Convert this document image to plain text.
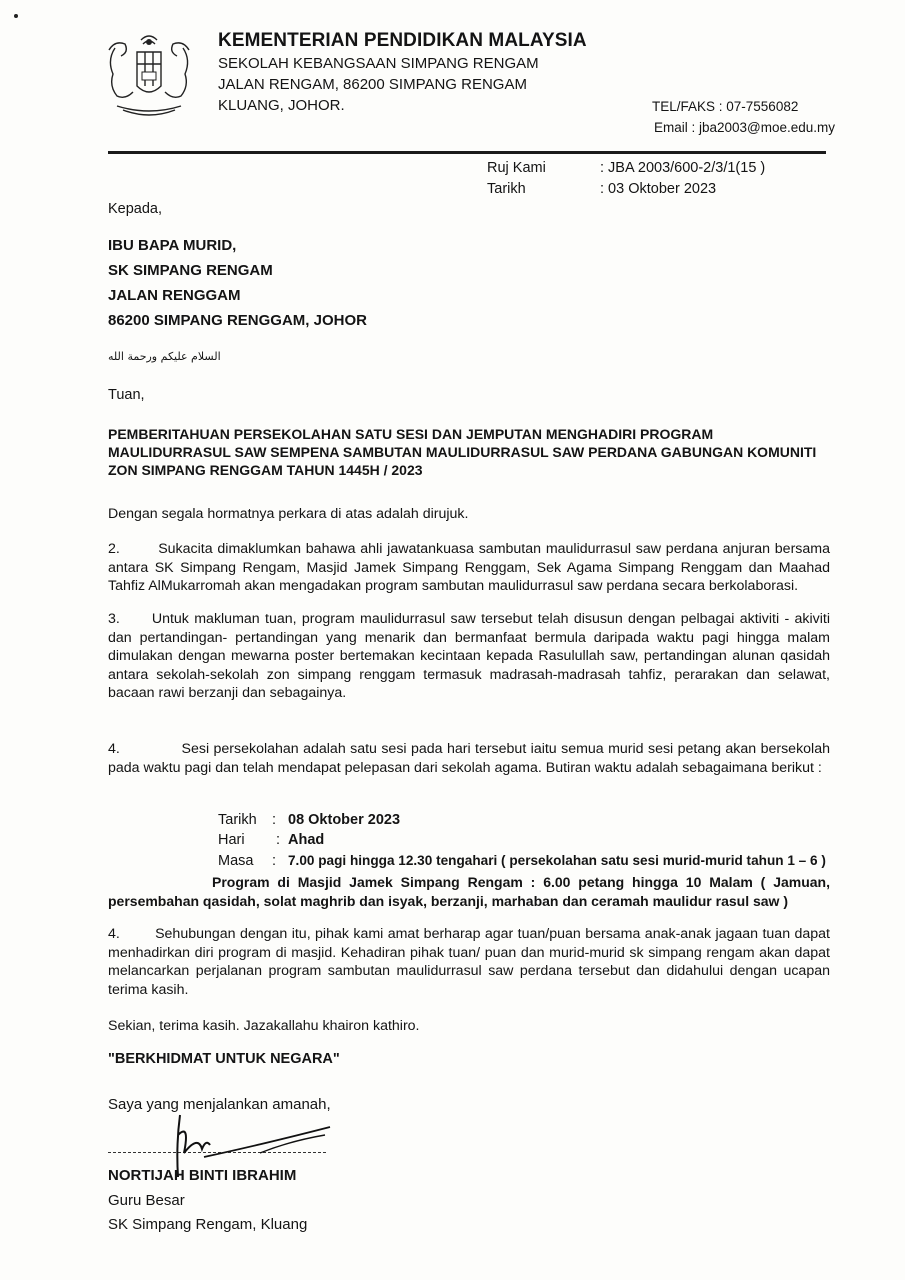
KEMENTERIAN PENDIDIKAN MALAYSIA
SEKOLAH KEBANGSAAN SIMPANG RENGAM
JALAN RENGAM, 86200 SIMPANG RENGAM
KLUANG, JOHOR.	TEL/FAKS : 07-7556082
Email : jba2003@moe.edu.my
Ruj Kami	: JBA 2003/600-2/3/1(15 )
Tarikh	: 03 Oktober 2023
Kepada,
IBU BAPA MURID,
SK SIMPANG RENGAM
JALAN RENGGAM
86200 SIMPANG RENGGAM, JOHOR
السلام عليكم ورحمة الله
Tuan,
PEMBERITAHUAN PERSEKOLAHAN SATU SESI DAN JEMPUTAN MENGHADIRI PROGRAM MAULIDURRASUL SAW SEMPENA SAMBUTAN MAULIDURRASUL SAW PERDANA GABUNGAN KOMUNITI ZON SIMPANG RENGGAM TAHUN 1445H / 2023
Dengan segala hormatnya perkara di atas adalah dirujuk.
2.        Sukacita dimaklumkan bahawa ahli jawatankuasa sambutan maulidurrasul saw perdana anjuran bersama antara SK Simpang Rengam, Masjid Jamek Simpang Renggam, Sek Agama Simpang Renggam dan Maahad Tahfiz AlMukarromah akan mengadakan program sambutan maulidurrasul saw perdana secara berkolaborasi.
3.      Untuk makluman tuan, program maulidurrasul saw tersebut telah disusun dengan pelbagai aktiviti - akiviti dan pertandingan- pertandingan yang menarik dan bermanfaat bermula daripada waktu pagi hingga malam dimulakan dengan mewarna poster bertemakan kecintaan kepada Rasulullah saw, pertandingan alunan qasidah antara sekolah-sekolah zon simpang renggam termasuk madrasah-madrasah tahfiz, perarakan dan selawat, bacaan rawi berzanji dan sebagainya.
4.              Sesi persekolahan adalah satu sesi pada hari tersebut iaitu semua murid sesi petang akan bersekolah pada waktu pagi dan telah mendapat pelepasan dari sekolah agama. Butiran waktu adalah sebagaimana berikut :
Tarikh : 08 Oktober 2023
Hari : Ahad
Masa : 7.00 pagi hingga 12.30 tengahari ( persekolahan satu sesi murid-murid tahun 1 – 6 )
Program di Masjid Jamek Simpang Rengam : 6.00 petang hingga 10 Malam ( Jamuan, persembahan qasidah, solat maghrib dan isyak, berzanji, marhaban dan ceramah maulidur rasul saw )
4.        Sehubungan dengan itu, pihak kami amat berharap agar tuan/puan bersama anak-anak jagaan tuan dapat menhadirkan diri program di masjid. Kehadiran pihak tuan/ puan dan murid-murid sk simpang rengam akan dapat melancarkan perjalanan program sambutan maulidurrasul saw perdana tersebut dan didahului dengan ucapan terima kasih.
Sekian, terima kasih. Jazakallahu khairon kathiro.
"BERKHIDMAT UNTUK NEGARA"
Saya yang menjalankan amanah,
NORTIJAH BINTI IBRAHIM
Guru Besar
SK Simpang Rengam, Kluang
